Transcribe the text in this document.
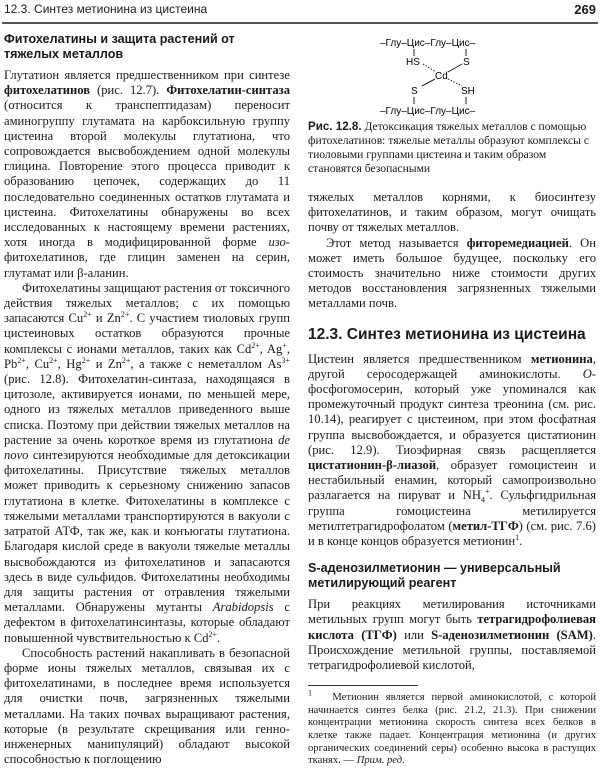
12.3. Синтез метионина из цистеина	269
Фитохелатины и защита растений от тяжелых металлов

Глутатион является предшественником при синтезе фитохелатинов (рис. 12.7). Фитохелатин-синтаза (относится к транспептидазам) переносит аминогруппу глутамата на карбоксильную группу цистеина второй молекулы глутатиона, что сопровождается высвобождением одной молекулы глицина. Повторение этого процесса приводит к образованию цепочек, содержащих до 11 последовательно соединенных остатков глутамата и цистеина. Фитохелатины обнаружены во всех исследованных к настоящему времени растениях, хотя иногда в модифицированной форме изо-фитохелатинов, где глицин заменен на серин, глутамат или β-аланин.

Фитохелатины защищают растения от токсичного действия тяжелых металлов; с их помощью запасаются $Cu^{2+}$ и $Zn^{2+}$. С участием тиоловых групп цистеиновых остатков образуются прочные комплексы с ионами металлов, таких как $Cd^{2+}$, Ag+, $Pb^{2+}$, $Cu^{2+}$, $Hg^{2+}$ и $Zn^{2+}$, а также с неметаллом $As^{3+}$ (рис. 12.8). Фитохелатин-синтаза, находящаяся в цитозоле, активируется ионами, по меньшей мере, одного из тяжелых металлов приведенного выше списка. Поэтому при действии тяжелых металлов на растение за очень короткое время из глутатиона de novo синтезируются необходимые для детоксикации фитохелатины. Присутствие тяжелых металлов может приводить к серьезному снижению запасов глутатиона в клетке. Фитохелатины в комплексе с тяжелыми металлами транспортируются в вакуоли с затратой АТФ, так же, как и конъюгаты глутатиона. Благодаря кислой среде в вакуоли тяжелые металлы высвобождаются из фитохелатинов и запасаются здесь в виде сульфидов. Фитохелатины необходимы для защиты растения от отравления тяжелыми металлами. Обнаружены мутанты Arabidopsis с дефектом в фитохелатинсинтазы, которые обладают повышенной чувствительностью к $Cd^{2+}$.

Способность растений накапливать в безопасной форме ионы тяжелых металлов, связывая их с фитохелатинами, в последнее время используется для очистки почв, загрязненных тяжелыми металлами. На таких почвах выращивают растения, которые (в результате скрещивания или генно-инженерных манипуляций) обладают высокой способностью к поглощению

–Глу–Цис–Глу–Цис–
HS	S
Cd
S	SH
–Глу–Цис–Глу–Цис–

Рис. 12.8. Детоксикация тяжелых металлов с помощью фитохелатинов: тяжелые металлы образуют комплексы с тиоловыми группами цистеина и таким образом становятся безопасными

тяжелых металлов корнями, к биосинтезу фитохелатинов, и таким образом, могут очищать почву от тяжелых металлов.

Этот метод называется фиторемедиацией. Он может иметь большое будущее, поскольку его стоимость значительно ниже стоимости других методов восстановления загрязненных тяжелыми металлами почв.

12.3. Синтез метионина из цистеина

Цистеин является предшественником метионина, другой серосодержащей аминокислоты. О-фосфогомосерин, который уже упоминался как промежуточный продукт синтеза треонина (см. рис. 10.14), реагирует с цистеином, при этом фосфатная группа высвобождается, и образуется цистатионин (рис. 12.9). Тиоэфирная связь расщепляется цистатионин-β-лиазой, образует гомоцистеин и нестабильный енамин, который самопроизвольно разлагается на пируват и $NH_4^+$. Сульфгидрильная группа гомоцистеина метилируется метилтетрагидрофолатом (метил-ТГФ) (см. рис. 7.6) и в конце концов образуется метионин$^1$.

S-аденозилметионин — универсальный метилирующий реагент

При реакциях метилирования источниками метильных групп могут быть тетрагидрофолиевая кислота (ТГФ) или S-аденозилметионин (SAM). Происхождение метильной группы, поставляемой тетрагидрофолиевой кислотой,

$^1$ Метионин является первой аминокислотой, с которой начинается синтез белка (рис. 21.2, 21.3). При снижении концентрации метионина скорость синтеза всех белков в клетке также падает. Концентрация метионина (и других органических соединений серы) особенно высока в растущих тканях. — Прим. ред.
